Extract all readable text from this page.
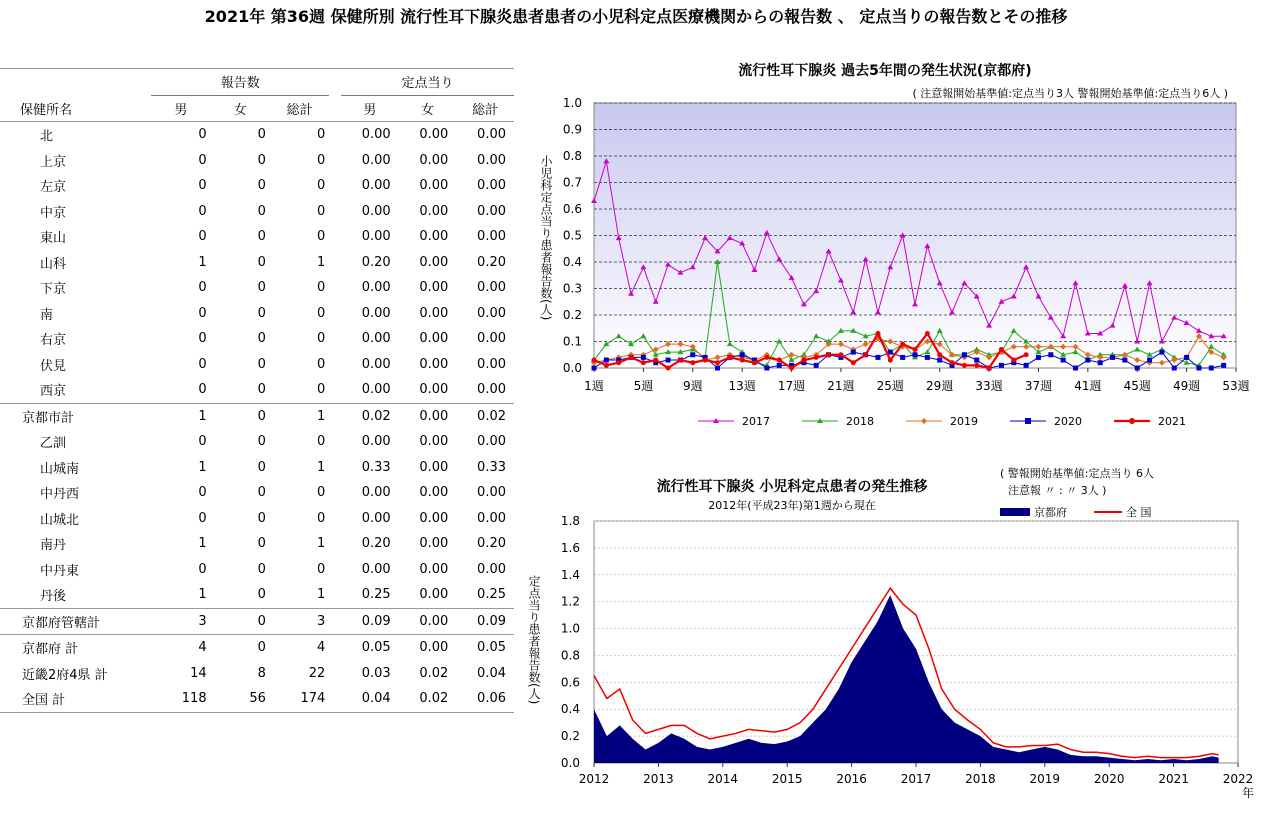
2021年 第36週 保健所別 流行性耳下腺炎患者患者の小児科定点医療機関からの報告数 、 定点当りの報告数とその推移
	報告数				定点当り		
保健所名	男	女	総計		男	女	総計
北	0	0	0		0.00	0.00	0.00
上京	0	0	0		0.00	0.00	0.00
左京	0	0	0		0.00	0.00	0.00
中京	0	0	0		0.00	0.00	0.00
東山	0	0	0		0.00	0.00	0.00
山科	1	0	1		0.20	0.00	0.20
下京	0	0	0		0.00	0.00	0.00
南	0	0	0		0.00	0.00	0.00
右京	0	0	0		0.00	0.00	0.00
伏見	0	0	0		0.00	0.00	0.00
西京	0	0	0		0.00	0.00	0.00
京都市計	1	0	1		0.02	0.00	0.02
乙訓	0	0	0		0.00	0.00	0.00
山城南	1	0	1		0.33	0.00	0.33
中丹西	0	0	0		0.00	0.00	0.00
山城北	0	0	0		0.00	0.00	0.00
南丹	1	0	1		0.20	0.00	0.20
中丹東	0	0	0		0.00	0.00	0.00
丹後	1	0	1		0.25	0.00	0.25
京都府管轄計	3	0	3		0.09	0.00	0.09
京都府 計	4	0	4		0.05	0.00	0.05
近畿2府4県 計	14	8	22		0.03	0.02	0.04
全国 計	118	56	174		0.04	0.02	0.06
流行性耳下腺炎 過去5年間の発生状況(京都府)
( 注意報開始基準値:定点当り3人 警報開始基準値:定点当り6人 )
0.0
0.1
0.2
0.3
0.4
0.5
0.6
0.7
0.8
0.9
1.0
小児科定点当り患者報告数(人)
1週 5週 9週 13週 17週 21週 25週 29週 33週 37週 41週 45週 49週 53週
2017	2018	2019	2020	2021
流行性耳下腺炎 小児科定点患者の発生推移
2012年(平成23年)第1週から現在
( 警報開始基準値:定点当り 6人
注意報 〃 : 〃 3人 )
0.0
0.2
0.4
0.6
0.8
1.0
1.2
1.4
1.6
1.8
定点当り患者報告数(人)
2012	2013	2014	2015	2016	2017	2018	2019	2020	2021	2022
年
京都府	全 国
